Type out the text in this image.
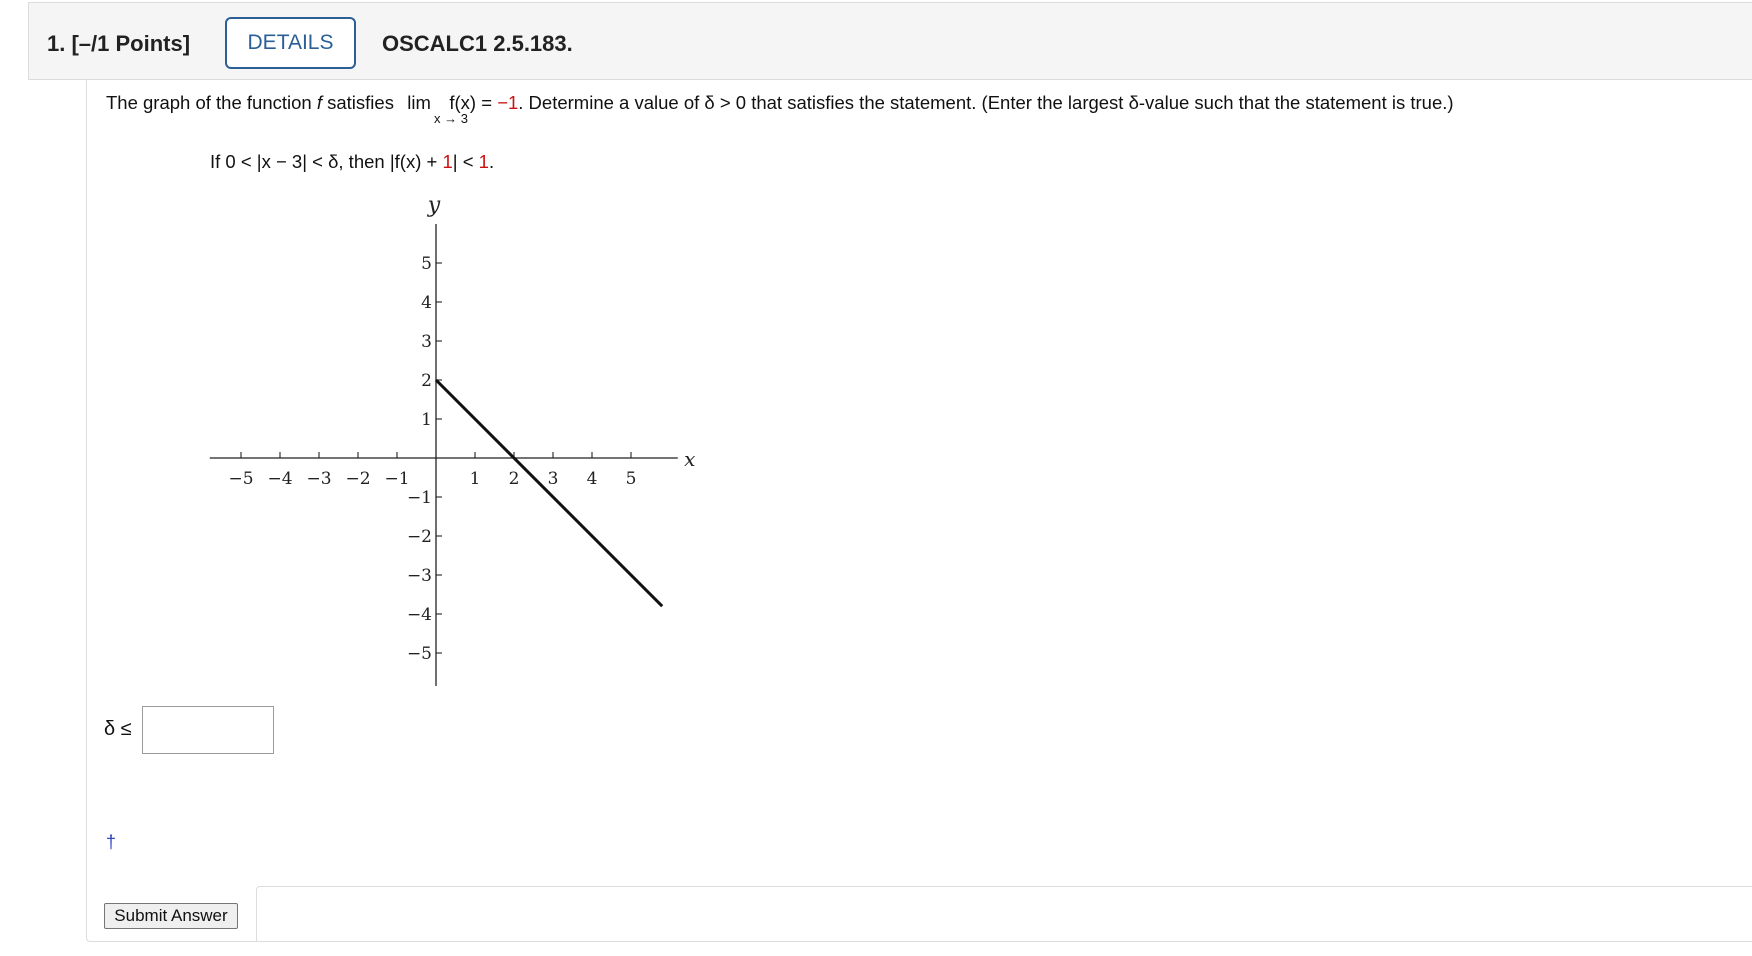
1. [–/1 Points]	DETAILS	OSCALC1 2.5.183.
The graph of the function f satisfies lim f(x) = −1. Determine a value of δ > 0 that satisfies the statement. (Enter the largest δ-value such that the statement is true.)
x → 3
If 0 < |x − 3| < δ, then |f(x) + 1| < 1.
x
y
−5 −4 −3 −2 −1	1 2 3 4 5
5
4
3
2
1
−1
−2
−3
−4
−5
δ ≤
†
Submit Answer
